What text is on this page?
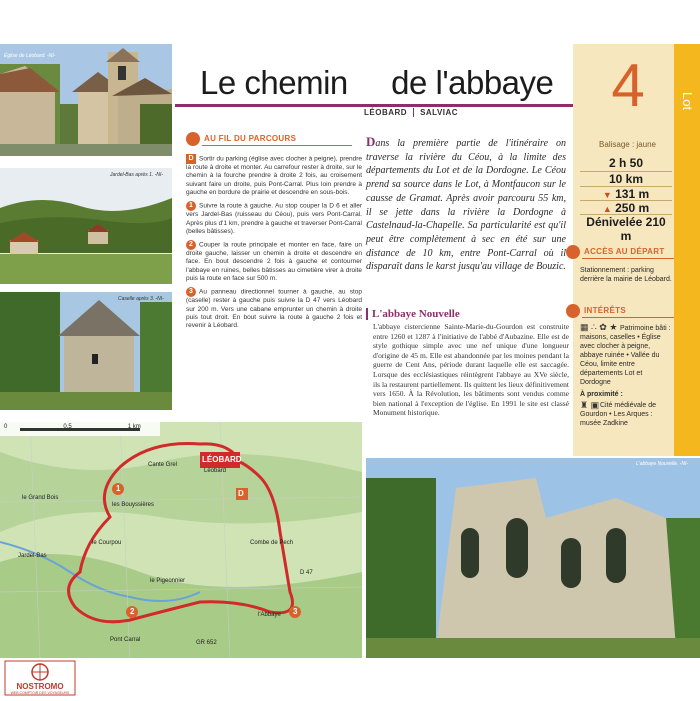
Église de Léobard. -NI-
Jardel-Bas après 1. -NI-
Caselle après 3. -NI-
Le chemin de l'abbaye
LÉOBARD SALVIAC
Lot
4
Balisage : jaune
2 h 50
10 km
▼ 131 m
▲ 250 m
Dénivelée 210 m
ACCÈS AU DÉPART
Stationnement : parking derrière la mairie de Léobard.
INTÉRÊTS
▦ ∴ ✿ ★ Patrimoine bâti : maisons, caselles • Église avec clocher à peigne, abbaye ruinée • Vallée du Céou, limite entre départements Lot et Dordogne
À proximité :
♜ ▣ Cité médiévale de Gourdon • Les Arques : musée Zadkine
AU FIL DU PARCOURS

D Sortir du parking (église avec clocher à peigne), prendre la route à droite et monter. Au carrefour rester à droite, sur le chemin à la fourche prendre à droite 2 fois, au croisement suivant faire un droite, puis Pont-Carral. Plus loin prendre à gauche en bordure de prairie et descendre en sous-bois.

1 Suivre la route à gauche. Au stop couper la D 6 et aller vers Jardel-Bas (ruisseau du Céou), puis vers Pont-Carral. Après plus d'1 km, prendre à gauche et traverser Pont-Carral (belles bâtisses).

2 Couper la route principale et monter en face, faire un droite gauche, laisser un chemin à droite et descendre en face. En bout descendre 2 fois à gauche et contourner l'abbaye en ruines, belles bâtisses au cimetière virer à droite puis la route en face sur 500 m.

3 Au panneau directionnel tourner à gauche, au stop (caselle) rester à gauche puis suivre la D 47 vers Léobard sur 200 m. Vers une cabane emprunter un chemin à droite puis tout droit. En bout suivre la route à gauche 2 fois et revenir à Léobard.

Dans la première partie de l'itinéraire on traverse la rivière du Céou, à la limite des départements du Lot et de la Dordogne. Le Céou prend sa source dans le Lot, à Montfaucon sur le causse de Gramat. Après avoir parcouru 55 km, il se jette dans la rivière la Dordogne à Castelnaud-la-Chapelle. Sa particularité est qu'il peut être complètement à sec en été sur une distance de 10 km, entre Pont-Carral où il disparaît dans le karst jusqu'au village de Bouzic.
L'abbaye Nouvelle
L'abbaye cistercienne Sainte-Marie-du-Gourdon est construite entre 1260 et 1287 à l'initiative de l'abbé d'Aubazine. Elle est de style gothique simple avec une nef unique d'une longueur d'origine de 45 m. Elle est abandonnée par les moines pendant la guerre de Cent Ans, période durant laquelle elle est saccagée. Lorsque des ecclésiastiques réintègrent l'abbaye au XVe siècle, ils la restaurent partiellement. Ils quittent les lieux définitivement vers 1650. À la Révolution, les bâtiments sont vendus comme bien national à l'exception de l'église. En 1991 le site est classé Monument historique.
0	0,5	1 km
LÉOBARD
Léobard
Jardel-Bas
Pont Carral
l'Abbaye
le Grand Bois
le Courpou
Cante Grel
les Bouyssières
le Pigeonnier
Combe de Pech
GR 652
D 47
D
1
2	3
L'abbaye Nouvelle. -NI-
NOSTROMO
WEB COMPTOIR DES VOYAGEURS
